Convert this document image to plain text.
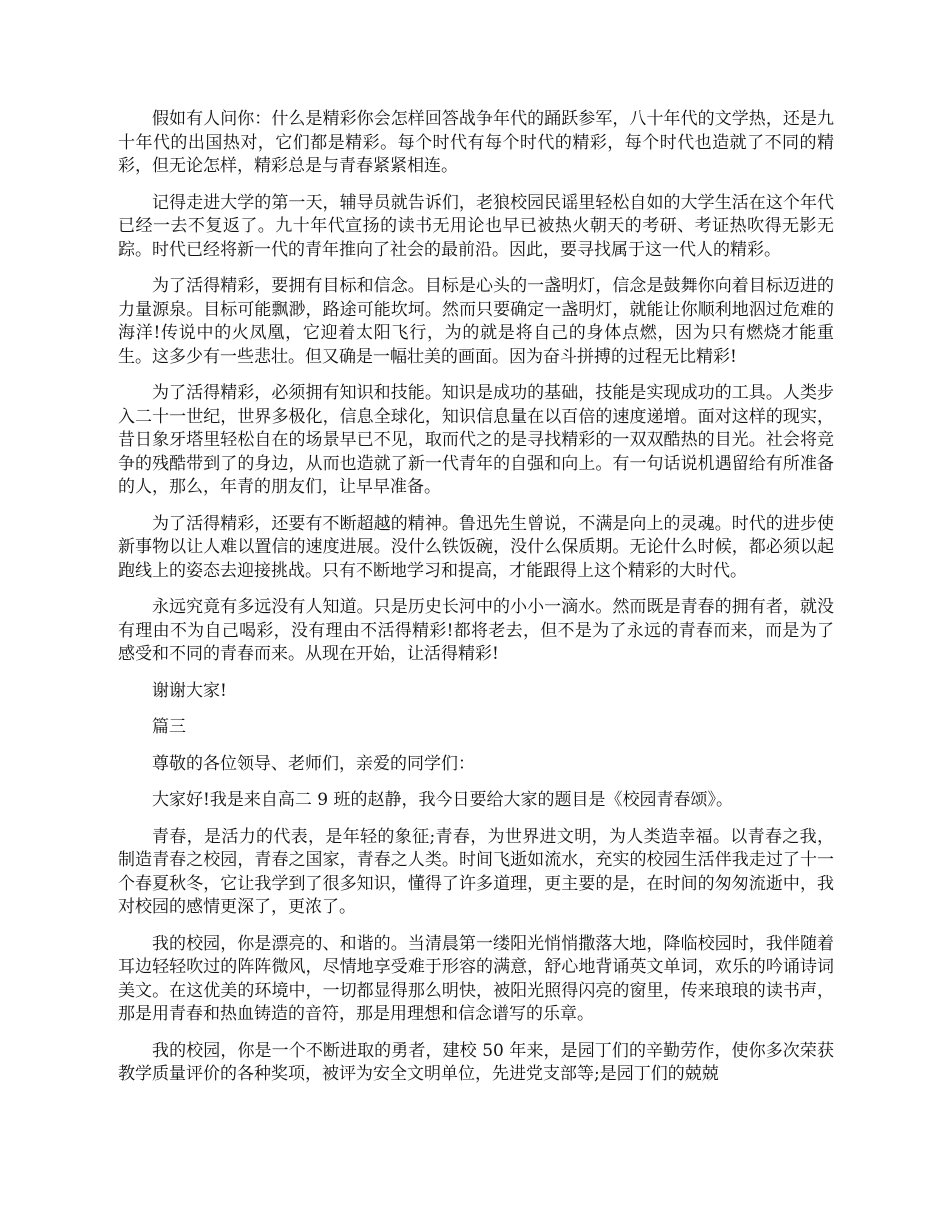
假如有人问你：什么是精彩你会怎样回答战争年代的踊跃参军，八十年代的文学热，还是九十年代的出国热对，它们都是精彩。每个时代有每个时代的精彩，每个时代也造就了不同的精彩，但无论怎样，精彩总是与青春紧紧相连。

记得走进大学的第一天，辅导员就告诉们，老狼校园民谣里轻松自如的大学生活在这个年代已经一去不复返了。九十年代宣扬的读书无用论也早已被热火朝天的考研、考证热吹得无影无踪。时代已经将新一代的青年推向了社会的最前沿。因此，要寻找属于这一代人的精彩。

为了活得精彩，要拥有目标和信念。目标是心头的一盏明灯，信念是鼓舞你向着目标迈进的力量源泉。目标可能飘渺，路途可能坎坷。然而只要确定一盏明灯，就能让你顺利地泅过危难的海洋!传说中的火凤凰，它迎着太阳飞行，为的就是将自己的身体点燃，因为只有燃烧才能重生。这多少有一些悲壮。但又确是一幅壮美的画面。因为奋斗拼搏的过程无比精彩!

为了活得精彩，必须拥有知识和技能。知识是成功的基础，技能是实现成功的工具。人类步入二十一世纪，世界多极化，信息全球化，知识信息量在以百倍的速度递增。面对这样的现实，昔日象牙塔里轻松自在的场景早已不见，取而代之的是寻找精彩的一双双酷热的目光。社会将竞争的残酷带到了的身边，从而也造就了新一代青年的自强和向上。有一句话说机遇留给有所准备的人，那么，年青的朋友们，让早早准备。

为了活得精彩，还要有不断超越的精神。鲁迅先生曾说，不满是向上的灵魂。时代的进步使新事物以让人难以置信的速度进展。没什么铁饭碗，没什么保质期。无论什么时候，都必须以起跑线上的姿态去迎接挑战。只有不断地学习和提高，才能跟得上这个精彩的大时代。

永远究竟有多远没有人知道。只是历史长河中的小小一滴水。然而既是青春的拥有者，就没有理由不为自己喝彩，没有理由不活得精彩!都将老去，但不是为了永远的青春而来，而是为了感受和不同的青春而来。从现在开始，让活得精彩!

谢谢大家!

篇三

尊敬的各位领导、老师们，亲爱的同学们：

大家好!我是来自高二 9 班的赵静，我今日要给大家的题目是《校园青春颂》。

青春，是活力的代表，是年轻的象征;青春，为世界进文明，为人类造幸福。以青春之我，制造青春之校园，青春之国家，青春之人类。时间飞逝如流水，充实的校园生活伴我走过了十一个春夏秋冬，它让我学到了很多知识，懂得了许多道理，更主要的是，在时间的匆匆流逝中，我对校园的感情更深了，更浓了。

我的校园，你是漂亮的、和谐的。当清晨第一缕阳光悄悄撒落大地，降临校园时，我伴随着耳边轻轻吹过的阵阵微风，尽情地享受难于形容的满意，舒心地背诵英文单词，欢乐的吟诵诗词美文。在这优美的环境中，一切都显得那么明快，被阳光照得闪亮的窗里，传来琅琅的读书声，那是用青春和热血铸造的音符，那是用理想和信念谱写的乐章。

我的校园，你是一个不断进取的勇者，建校 50 年来，是园丁们的辛勤劳作，使你多次荣获教学质量评价的各种奖项，被评为安全文明单位，先进党支部等;是园丁们的兢兢
